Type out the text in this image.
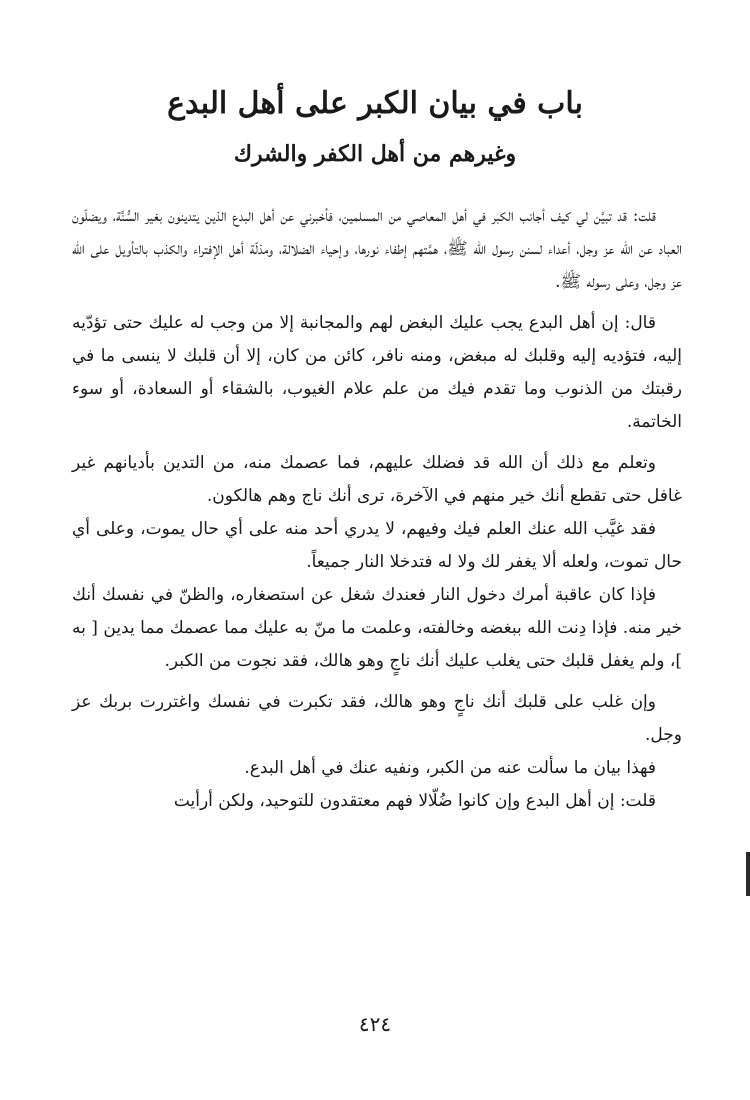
باب في بيان الكبر على أهل البدع
وغيرهم من أهل الكفر والشرك

قلت: قد تبيَّن لي كيف أجانب الكبر في أهل المعاصي من المسلمين، فأخبرني عن أهل البدع الذين يتدينون بغير السُّنَّة، ويضلّون العباد عن الله عز وجل، أعداء لسنن رسول الله ﷺ، همَّتهم إطفاء نورها، وإحياء الضلالة، ومذلّة أهل الإفتراء والكذب بالتأويل على الله عز وجل، وعلى رسوله ﷺ.

قال: إن أهل البدع يجب عليك البغض لهم والمجانبة إلا من وجب له عليك حتى تؤدّيه إليه، فتؤديه إليه وقلبك له مبغض، ومنه نافر، كائن من كان، إلا أن قلبك لا ينسى ما في رقبتك من الذنوب وما تقدم فيك من علم علام الغيوب، بالشقاء أو السعادة، أو سوء الخاتمة.

وتعلم مع ذلك أن الله قد فضلك عليهم، فما عصمك منه، من التدين بأديانهم غير غافل حتى تقطع أنك خير منهم في الآخرة، ترى أنك ناج وهم هالكون.

فقد غيَّب الله عنك العلم فيك وفيهم، لا يدري أحد منه على أي حال يموت، وعلى أي حال تموت، ولعله ألا يغفر لك ولا له فتدخلا النار جميعاً.

فإذا كان عاقبة أمرك دخول النار فعندك شغل عن استصغاره، والظنّ في نفسك أنك خير منه. فإذا دِنت الله ببغضه وخالفته، وعلمت ما منّ به عليك مما عصمك مما يدين [ به ]، ولم يغفل قلبك حتى يغلب عليك أنك ناجٍ وهو هالك، فقد نجوت من الكبر.

وإن غلب على قلبك أنك ناجٍ وهو هالك، فقد تكبرت في نفسك واغتررت بربك عز وجل.

فهذا بيان ما سألت عنه من الكبر، ونفيه عنك في أهل البدع.

قلت: إن أهل البدع وإن كانوا ضُلّالا فهم معتقدون للتوحيد، ولكن أرأيت

٤٢٤
